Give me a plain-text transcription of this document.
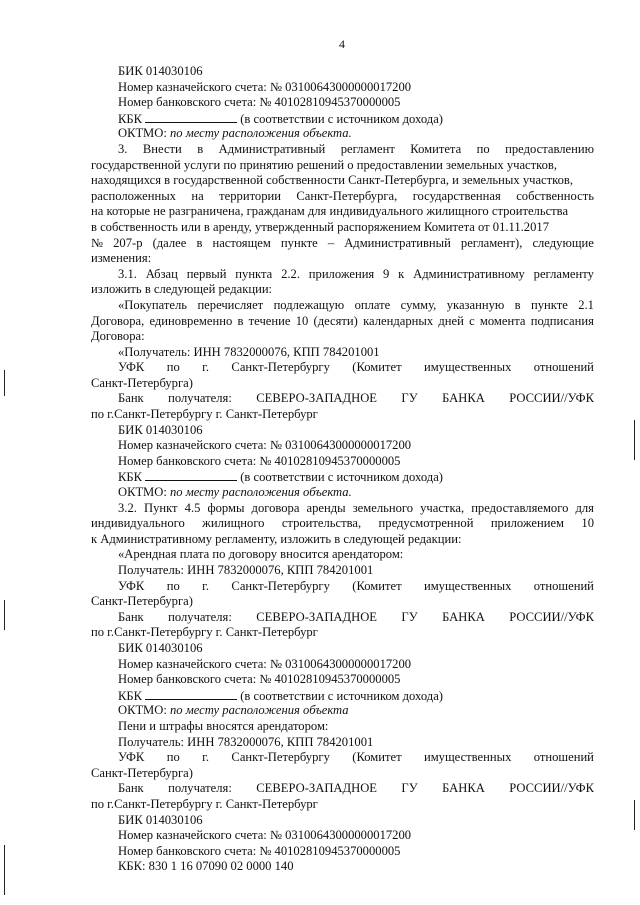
4
БИК 014030106
Номер казначейского счета: № 03100643000000017200
Номер банковского счета: № 40102810945370000005
КБК	(в соответствии с источником дохода)
ОКТМО: по месту расположения объекта.
3. Внести в Административный регламент Комитета по предоставлению
государственной услуги по принятию решений о предоставлении земельных участков,
находящихся в государственной собственности Санкт-Петербурга, и земельных участков,
расположенных на территории Санкт-Петербурга, государственная собственность
на которые не разграничена, гражданам для индивидуального жилищного строительства
в собственность или в аренду, утвержденный распоряжением Комитета от 01.11.2017
№ 207-р (далее в настоящем пункте – Административный регламент), следующие
изменения:
3.1. Абзац первый пункта 2.2. приложения 9 к Административному регламенту
изложить в следующей редакции:
«Покупатель перечисляет подлежащую оплате сумму, указанную в пункте 2.1
Договора, единовременно в течение 10 (десяти) календарных дней с момента подписания
Договора:
«Получатель: ИНН 7832000076, КПП 784201001
УФК по г. Санкт-Петербургу (Комитет имущественных отношений
Санкт-Петербурга)
Банк получателя: СЕВЕРО-ЗАПАДНОЕ ГУ БАНКА РОССИИ//УФК
по г.Санкт-Петербургу г. Санкт-Петербург
БИК 014030106
Номер казначейского счета: № 03100643000000017200
Номер банковского счета: № 40102810945370000005
КБК	(в соответствии с источником дохода)
ОКТМО: по месту расположения объекта.
3.2. Пункт 4.5 формы договора аренды земельного участка, предоставляемого для
индивидуального жилищного строительства, предусмотренной приложением 10
к Административному регламенту, изложить в следующей редакции:
«Арендная плата по договору вносится арендатором:
Получатель: ИНН 7832000076, КПП 784201001
УФК по г. Санкт-Петербургу (Комитет имущественных отношений
Санкт-Петербурга)
Банк получателя: СЕВЕРО-ЗАПАДНОЕ ГУ БАНКА РОССИИ//УФК
по г.Санкт-Петербургу г. Санкт-Петербург
БИК 014030106
Номер казначейского счета: № 03100643000000017200
Номер банковского счета: № 40102810945370000005
КБК	(в соответствии с источником дохода)
ОКТМО: по месту расположения объекта
Пени и штрафы вносятся арендатором:
Получатель: ИНН 7832000076, КПП 784201001
УФК по г. Санкт-Петербургу (Комитет имущественных отношений
Санкт-Петербурга)
Банк получателя: СЕВЕРО-ЗАПАДНОЕ ГУ БАНКА РОССИИ//УФК
по г.Санкт-Петербургу г. Санкт-Петербург
БИК 014030106
Номер казначейского счета: № 03100643000000017200
Номер банковского счета: № 40102810945370000005
КБК: 830 1 16 07090 02 0000 140
